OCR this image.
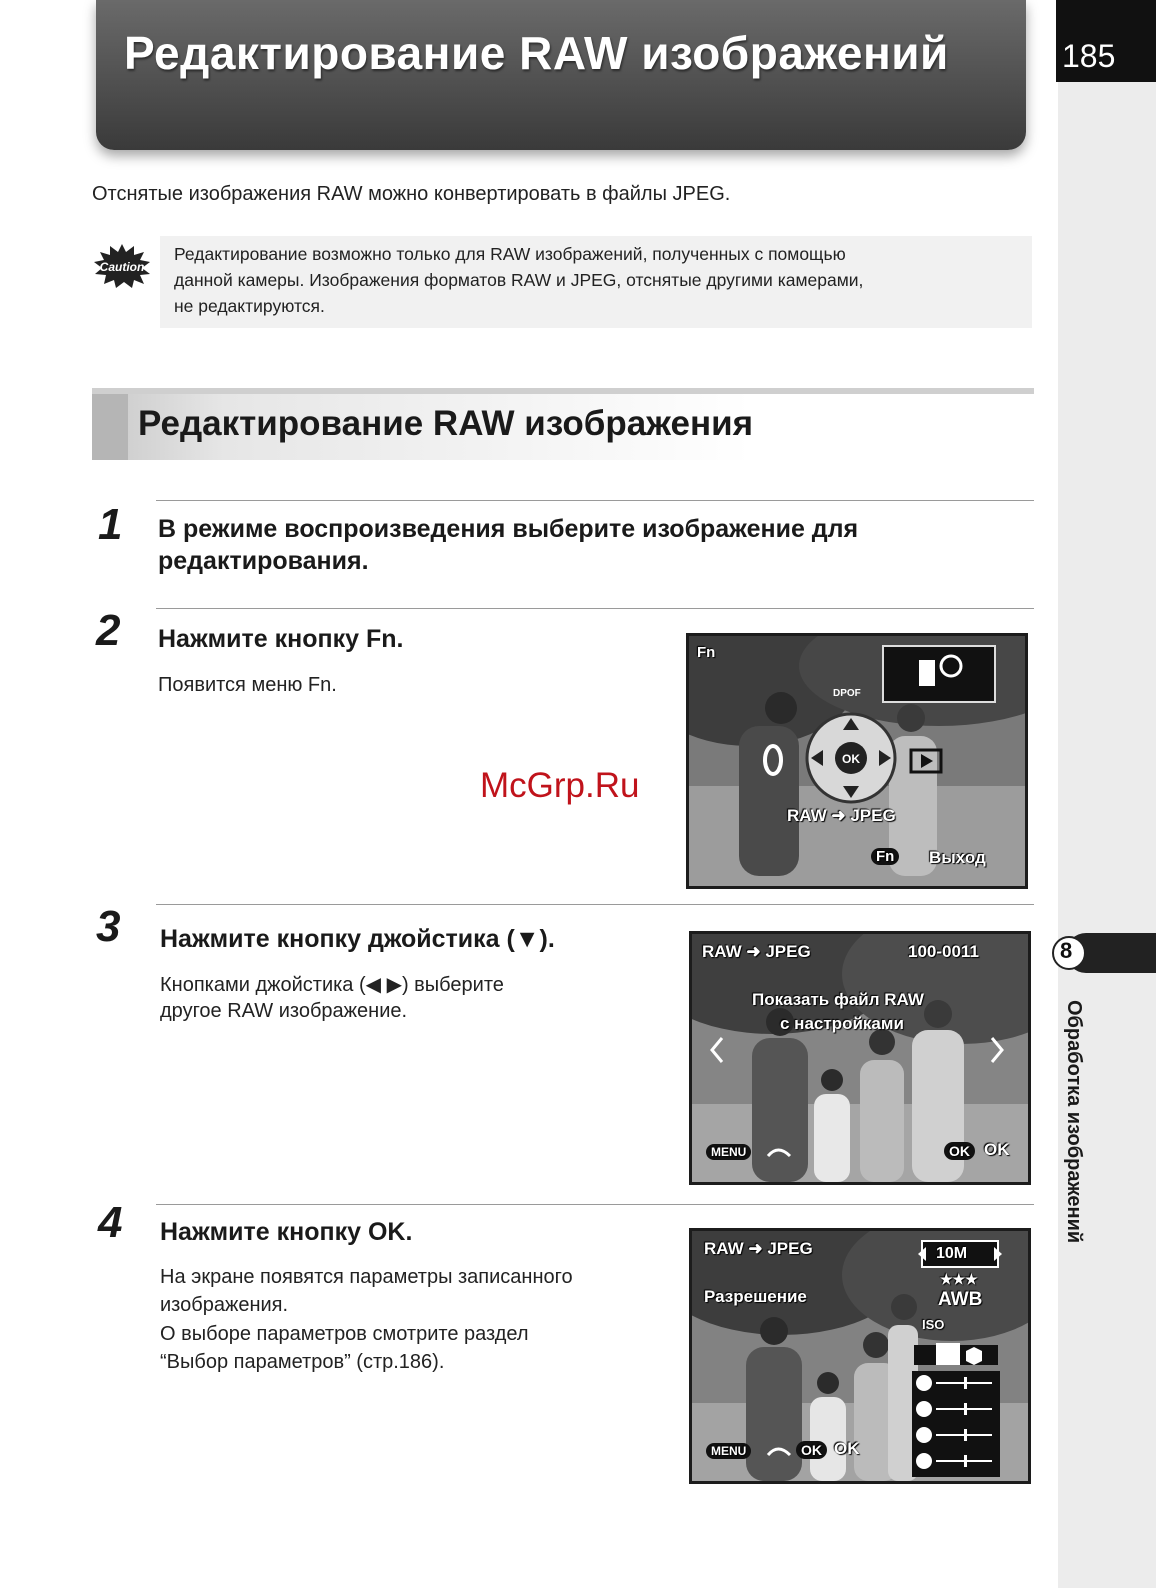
Редактирование RAW изображений	185
Отснятые изображения RAW можно конвертировать в файлы JPEG.
Caution
Редактирование возможно только для RAW изображений, полученных с помощью
данной камеры. Изображения форматов RAW и JPEG, отснятые другими камерами,
не редактируются.
Редактирование RAW изображения
1 В режиме воспроизведения выберите изображение для
редактирования.
2 Нажмите кнопку Fn.
Появится меню Fn.	DPOF
OK
Fn
RAW ➜ JPEG
Fn Выход
McGrp.Ru
3 Нажмите кнопку джойстика (▼).
Кнопками джойстика (◀ ▶) выберите
другое RAW изображение.
RAW ➜ JPEG	100-0011
Показать файл RAW
с настройками
MENU	OK OK
8
Обработка изображений
4 Нажмите кнопку OK.
На экране появятся параметры записанного
изображения.
О выборе параметров смотрите раздел
“Выбор параметров” (стр.186).
RAW ➜ JPEG	10M
★★★
Разрешение	AWB
ISO
MENU	OK OK
